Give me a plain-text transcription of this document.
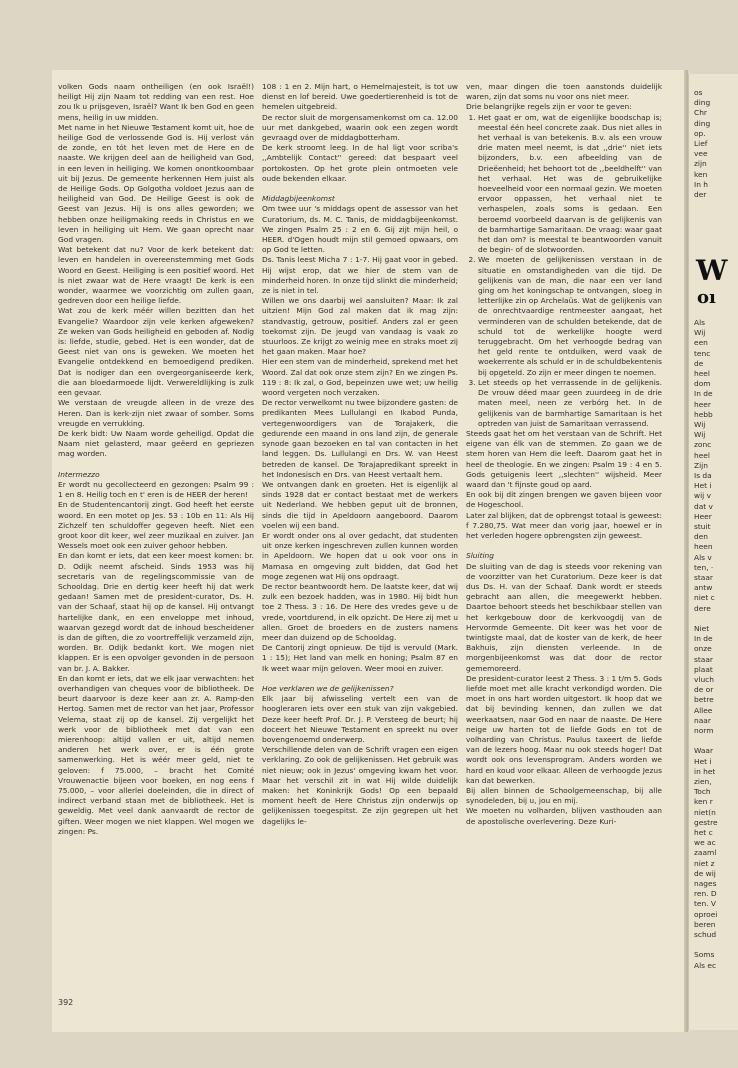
volken Gods naam ontheiligen (en ook Israël!) heiligt Hij zijn Naam tot redding van een rest. Hoe zou Ik u prijsgeven, Israël? Want Ik ben God en geen mens, heilig in uw midden.

Met name in het Nieuwe Testament komt uit, hoe de heilige God de verlossende God is. Hij verlost ván de zonde, en tót het leven met de Here en de naaste. We krijgen deel aan de heiligheid van God, in een leven in heiliging. We komen onontkoombaar uit bij Jezus. De gemeente herkennen Hem juist als de Heilige Gods. Op Golgotha voldoet Jezus aan de heiligheid van God. De Heilige Geest is ook de Geest van Jezus. Hij is ons alles geworden; we hebben onze heiligmaking reeds in Christus en we leven in heiliging uit Hem. We gaan oprecht naar God vragen.

Wat betekent dat nu? Voor de kerk betekent dat: leven en handelen in overeenstemming met Gods Woord en Geest. Heiliging is een positief woord. Het is niet zwaar wat de Here vraagt! De kerk is een wonder, waarmee we voorzichtig om zullen gaan, gedreven door een heilige liefde.

Wat zou de kerk méér willen bezitten dan het Evangelie? Waardoor zijn vele kerken afgeweken? Ze weken van Gods heiligheid en geboden af. Nodig is: liefde, studie, gebed. Het is een wonder, dat de Geest niet van ons is geweken. We moeten het Evangelie ontdekkend en bemoedigend prediken. Dat is nodiger dan een overgeorganiseerde kerk, die aan bloedarmoede lijdt. Verwereldlijking is zulk een gevaar.

We verstaan de vreugde alleen in de vreze des Heren. Dan is kerk-zijn niet zwaar of somber. Soms vreugde en verrukking.

De kerk bidt: Uw Naam worde geheiligd. Opdat die Naam niet gelasterd, maar geëerd en gepriezen mag worden.

Intermezzo

Er wordt nu gecollecteerd en gezongen: Psalm 99 : 1 en 8. Heilig toch en t' eren is de HEER der heren!

En de Studentencantorij zingt. God heeft het eerste woord. En een motet op Jes. 53 : 10b en 11: Als Hij Zichzelf ten schuldoffer gegeven heeft. Niet een groot koor dit keer, wel zeer muzikaal en zuiver. Jan Wessels moet ook een zuiver gehoor hebben.

En dan komt er iets, dat een keer moest komen: br. D. Odijk neemt afscheid. Sinds 1953 was hij secretaris van de regelingscommissie van de Schooldag. Drie en dertig keer heeft hij dat werk gedaan! Samen met de president-curator, Ds. H. van der Schaaf, staat hij op de kansel. Hij ontvangt hartelijke dank, en een enveloppe met inhoud, waarvan gezegd wordt dat de inhoud bescheidener is dan de giften, die zo voortreffelijk verzameld zijn, worden. Br. Odijk bedankt kort. We mogen niet klappen. Er is een opvolger gevonden in de persoon van br. J. A. Bakker.

En dan komt er iets, dat we elk jaar verwachten: het overhandigen van cheques voor de bibliotheek. De beurt daarvoor is deze keer aan zr. A. Ramp-den Hertog. Samen met de rector van het jaar, Professor Velema, staat zij op de kansel. Zij vergelijkt het werk voor de bibliotheek met dat van een mierenhoop: altijd vallen er uit, altijd nemen anderen het werk over, er is één grote samenwerking. Het is wéér meer geld, niet te geloven: f 75.000, – bracht het Comité Vrouwenactie bijeen voor boeken, en nog eens f 75.000, – voor allerlei doeleinden, die in direct of indirect verband staan met de bibliotheek. Het is geweldig. Met veel dank aanvaardt de rector de giften. Weer mogen we niet klappen. Wel mogen we zingen: Ps.

108 : 1 en 2. Mijn hart, o Hemelmajesteit, is tot uw dienst en lof bereid. Uwe goedertierenheid is tot de hemelen uitgebreid.

De rector sluit de morgensamenkomst om ca. 12.00 uur met dankgebed, waarin ook een zegen wordt gevraagd over de middagbotterham.

De kerk stroomt leeg. In de hal ligt voor scriba's ,,Ambtelijk Contact'' gereed: dat bespaart veel portokosten. Op het grote plein ontmoeten vele oude bekenden elkaar.

Middagbijeenkomst

Om twee uur 's middags opent de assessor van het Curatorium, ds. M. C. Tanis, de middagbijeenkomst. We zingen Psalm 25 : 2 en 6. Gij zijt mijn heil, o HEER. d'Ogen houdt mijn stil gemoed opwaars, om op God te letten.

Ds. Tanis leest Micha 7 : 1-7. Hij gaat voor in gebed. Hij wijst erop, dat we hier de stem van de minderheid horen. In onze tijd slinkt die minderheid; ze is niet in tel.

Willen we ons daarbij wel aansluiten? Maar: Ik zal uitzien! Mijn God zal maken dat ik mag zijn: standvastig, getrouw, positief. Anders zal er geen toekomst zijn. De jeugd van vandaag is vaak zo stuurloos. Ze krijgt zo weinig mee en straks moet zij het gaan maken. Maar hoe?

Hier een stem van de minderheid, sprekend met het Woord. Zal dat ook onze stem zijn? En we zingen Ps. 119 : 8: Ik zal, o God, bepeinzen uwe wet; uw heilig woord vergeten noch verzaken.

De rector verwelkomt nu twee bijzondere gasten: de predikanten Mees Lullulangi en Ikabod Punda, vertegenwoordigers van de Torajakerk, die gedurende een maand in ons land zijn, de generale synode gaan bezoeken en tal van contacten in het land leggen. Ds. Lullulangi en Drs. W. van Heest betreden de kansel. De Torajapredikant spreekt in het Indonesisch en Drs. van Heest vertaalt hem.

We ontvangen dank en groeten. Het is eigenlijk al sinds 1928 dat er contact bestaat met de werkers uit Nederland. We hebben geput uit de bronnen, sinds die tijd in Apeldoorn aangeboord. Daarom voelen wij een band.

Er wordt onder ons al over gedacht, dat studenten uit onze kerken ingeschreven zullen kunnen worden in Apeldoorn. We hopen dat u ook voor ons in Mamasa en omgeving zult bidden, dat God het moge zegenen wat Hij ons opdraagt.

De rector beantwoordt hem. De laatste keer, dat wij zulk een bezoek hadden, was in 1980. Hij bidt hun toe 2 Thess. 3 : 16. De Here des vredes geve u de vrede, voortdurend, in elk opzicht. De Here zij met u allen. Groet de broeders en de zusters namens meer dan duizend op de Schooldag.

De Cantorij zingt opnieuw. De tijd is vervuld (Mark. 1 : 15); Het land van melk en honing; Psalm 87 en Ik weet waar mijn geloven. Weer mooi en zuiver.

Hoe verklaren we de gelijkenissen?

Elk jaar bij afwisseling vertelt een van de hoogleraren iets over een stuk van zijn vakgebied. Deze keer heeft Prof. Dr. J. P. Versteeg de beurt; hij doceert het Nieuwe Testament en spreekt nu over bovengenoemd onderwerp.

Verschillende delen van de Schrift vragen een eigen verklaring. Zo ook de gelijkenissen. Het gebruik was niet nieuw; ook in Jezus' omgeving kwam het voor. Maar het verschil zit in wat Hij wilde duidelijk maken: het Koninkrijk Gods! Op een bepaald moment heeft de Here Christus zijn onderwijs op gelijkenissen toegespitst. Ze zijn gegrepen uit het dagelijks le-

ven, maar dingen die toen aanstonds duidelijk waren, zijn dat soms nu voor ons niet meer.

Drie belangrijke regels zijn er voor te geven:

1. Het gaat er om, wat de eigenlijke boodschap is; meestal één heel concrete zaak. Dus niet alles in het verhaal is van betekenis. B.v. als een vrouw drie maten meel neemt, is dat ,,drie'' niet iets bijzonders, b.v. een afbeelding van de Drieëenheid; het behoort tot de ,,beeldhelft'' van het verhaal. Het was de gebruikelijke hoeveelheid voor een normaal gezin. We moeten ervoor oppassen, het verhaal niet te verhaspelen, zoals soms is gedaan. Een beroemd voorbeeld daarvan is de gelijkenis van de barmhartige Samaritaan. De vraag: waar gaat het dan om? is meestal te beantwoorden vanuit de begin- of de slotwoorden.
2. We moeten de gelijkenissen verstaan in de situatie en omstandigheden van die tijd. De gelijkenis van de man, die naar een ver land ging om het koningschap te ontvangen, sloeg in letterlijke zin op Archelaüs. Wat de gelijkenis van de onrechtvaardige rentmeester aangaat, het verminderen van de schulden betekende, dat de schuld tot de werkelijke hoogte werd teruggebracht. Om het verhoogde bedrag van het geld rente te ontduiken, werd vaak de woekerrente als schuld er in de schuldbekentenis bij opgeteld. Zo zijn er meer dingen te noemen.
3. Let steeds op het verrassende in de gelijkenis. De vrouw déed maar geen zuurdeeg in de drie maten meel, neen ze verbórg het. In de gelijkenis van de barmhartige Samaritaan is het optreden van juist de Samaritaan verrassend.

Steeds gaat het om het verstaan van de Schrift. Het eigene van élk van de stemmen. Zo gaan we de stem horen van Hem die leeft. Daarom gaat het in heel de theologie. En we zingen: Psalm 19 : 4 en 5. Gods getuigenis leert ,,slechten'' wijsheid. Meer waard dan 't fijnste goud op aard.

En ook bij dit zingen brengen we gaven bijeen voor de Hogeschool.

Later zal blijken, dat de opbrengst totaal is geweest: f 7.280,75. Wat meer dan vorig jaar, hoewel er in het verleden hogere opbrengsten zijn geweest.

Sluiting

De sluiting van de dag is steeds voor rekening van de voorzitter van het Curatorium. Deze keer is dat dus Ds. H. van der Schaaf. Dank wordt er steeds gebracht aan allen, die meegewerkt hebben. Daartoe behoort steeds het beschikbaar stellen van het kerkgebouw door de kerkvoogdij van de Hervormde Gemeente. Dit keer was het voor de twintigste maal, dat de koster van de kerk, de heer Bakhuis, zijn diensten verleende. In de morgenbijeenkomst was dat door de rector gememoreerd.

De president-curator leest 2 Thess. 3 : 1 t/m 5. Gods liefde moet met alle kracht verkondigd worden. Die moet in ons hart worden uitgestort. Ik hoop dat we dat bij bevinding kennen, dan zullen we dat weerkaatsen, naar God en naar de naaste. De Here neige uw harten tot de liefde Gods en tot de volharding van Christus. Paulus taxeert de liefde van de lezers hoog. Maar nu ook steeds hoger! Dat wordt ook ons levensprogram. Anders worden we hard en koud voor elkaar. Alleen de verhoogde Jezus kan dat bewerken.

Bij allen binnen de Schoolgemeenschap, bij alle synodeleden, bij u, jou en mij.

We moeten nu volharden, blijven vasthouden aan de apostolische overlevering. Deze Kuri-

392
os
ding
Chr
ding
op.
Lief
vee
zijn
ken
In h
der
W
oı
Als
Wij
een
tenc
de
heel
dom
In de
heer
hebb
Wij
Wij
zonc
heel
Zijn
Is da
Het i
wij v
dat v
Heer
stuit
den
heen
Als v
ten, ·
staar
antw
niet c
dere
Niet
In de
onze
staar
plaat
vluch
de or
betre
Allee
naar
norm
Waar
Het i
in het
zien,
Toch
ken r
niet(n
gestre
het c
we ac
zaaml
niet z
de wij
nages
ren. D
ten. V
oproei
beren
schud
Soms
Als ec
